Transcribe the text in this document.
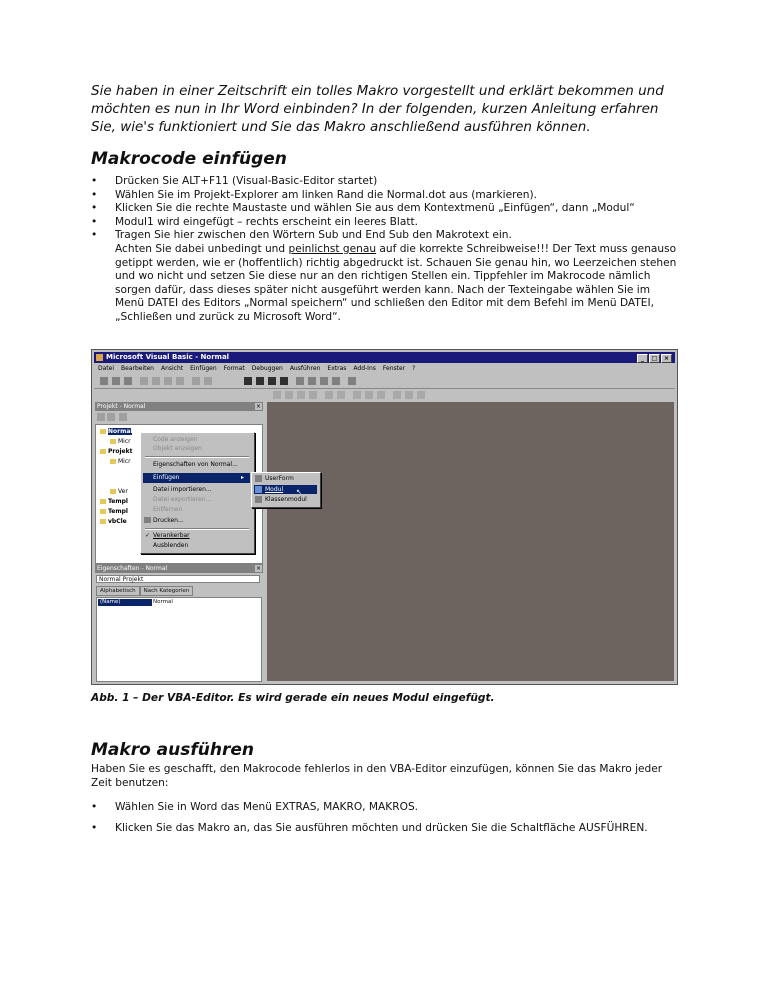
Sie haben in einer Zeitschrift ein tolles Makro vorgestellt und erklärt bekommen und möchten es nun in Ihr Word einbinden? In der folgenden, kurzen Anleitung erfahren Sie, wie's funktioniert und Sie das Makro anschließend ausführen können.

Makrocode einfügen
• Drücken Sie ALT+F11 (Visual-Basic-Editor startet)
• Wählen Sie im Projekt-Explorer am linken Rand die Normal.dot aus (markieren).
• Klicken Sie die rechte Maustaste und wählen Sie aus dem Kontextmenü „Einfügen“, dann „Modul“
• Modul1 wird eingefügt – rechts erscheint ein leeres Blatt.
• Tragen Sie hier zwischen den Wörtern Sub und End Sub den Makrotext ein.
Achten Sie dabei unbedingt und peinlichst genau auf die korrekte Schreibweise!!! Der Text muss genauso getippt werden, wie er (hoffentlich) richtig abgedruckt ist. Schauen Sie genau hin, wo Leerzeichen stehen und wo nicht und setzen Sie diese nur an den richtigen Stellen ein. Tippfehler im Makrocode nämlich sorgen dafür, dass dieses später nicht ausgeführt werden kann. Nach der Texteingabe wählen Sie im Menü DATEI des Editors „Normal speichern“ und schließen den Editor mit dem Befehl im Menü DATEI, „Schließen und zurück zu Microsoft Word“.
Microsoft Visual Basic - Normal	_	□	×
Datei Bearbeiten Ansicht Einfügen Format Debuggen Ausführen Extras Add-Ins Fenster ?
Projekt - Normal	×
Normal
Micr
Projekt
Micr
Ver
Templ
Templ
vbCle
Code anzeigen
Objekt anzeigen
Eigenschaften von Normal...
Einfügen	▸
Datei importieren...
Datei exportieren...
Entfernen
Drucken...
✓ Verankerbar
Ausblenden
UserForm
Modul ↖
Klassenmodul
Eigenschaften - Normal	×
Normal Projekt
Alphabetisch Nach Kategorien
(Name)	Normal
Abb. 1 – Der VBA-Editor. Es wird gerade ein neues Modul eingefügt.
Makro ausführen

Haben Sie es geschafft, den Makrocode fehlerlos in den VBA-Editor einzufügen, können Sie das Makro jeder Zeit benutzen:

• Wählen Sie in Word das Menü EXTRAS, MAKRO, MAKROS.
• Klicken Sie das Makro an, das Sie ausführen möchten und drücken Sie die Schaltfläche AUSFÜHREN.
